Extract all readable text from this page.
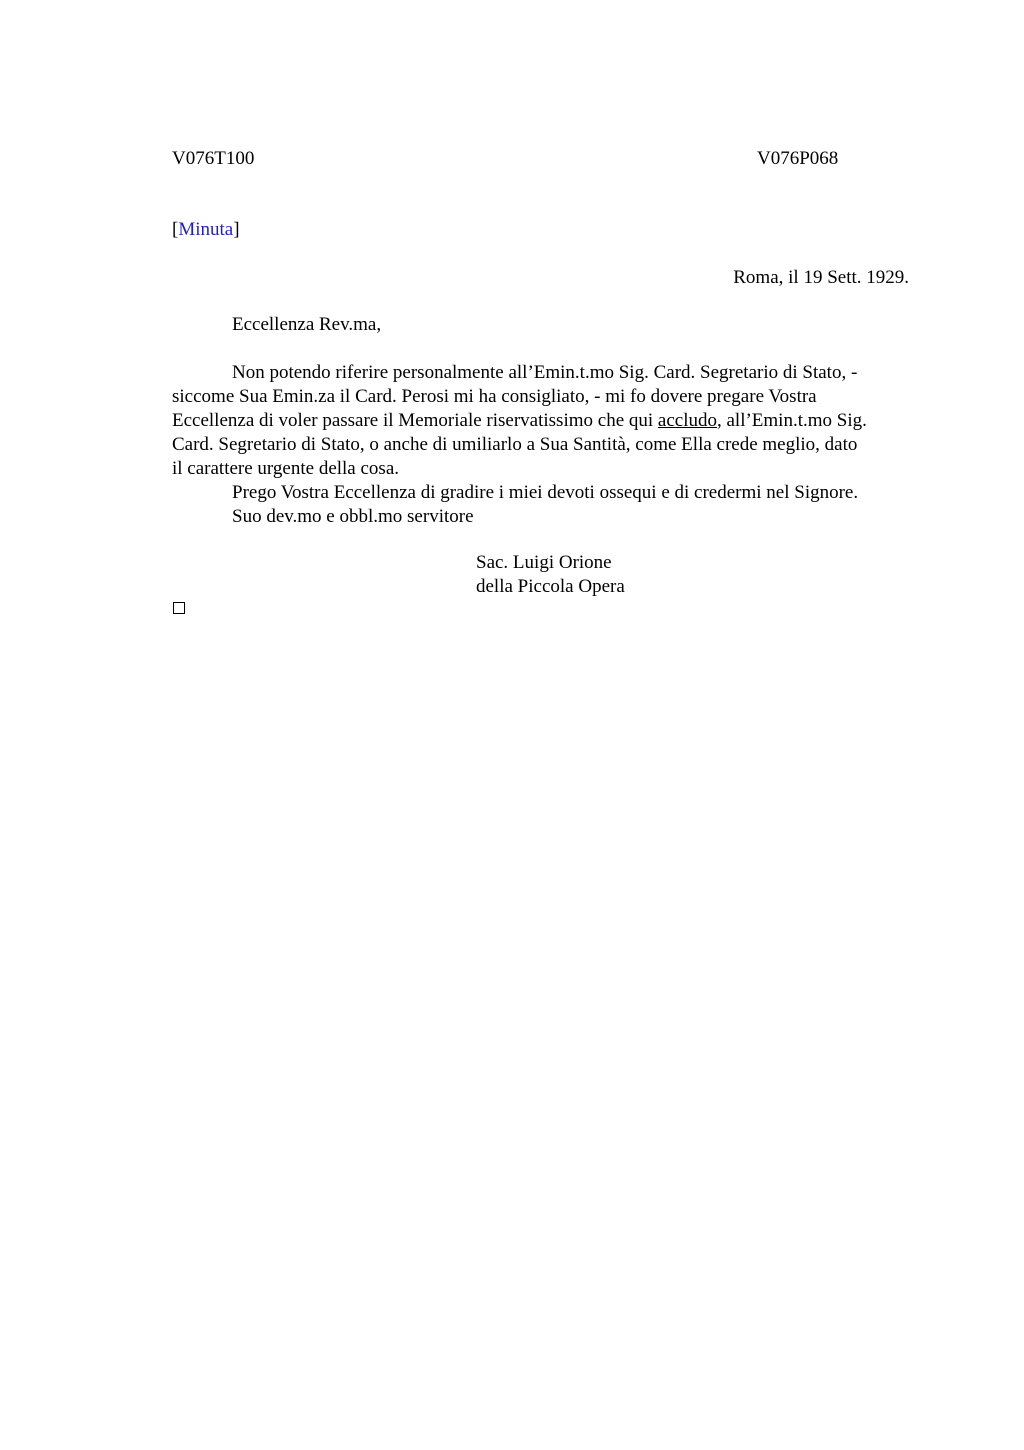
V076T100	V076P068
[Minuta]
Roma, il 19 Sett. 1929.
Eccellenza Rev.ma,
Non potendo riferire personalmente all’Emin.t.mo Sig. Card. Segretario di Stato, -
siccome Sua Emin.za il Card. Perosi mi ha consigliato, - mi fo dovere pregare Vostra
Eccellenza di voler passare il Memoriale riservatissimo che qui accludo, all’Emin.t.mo Sig.
Card. Segretario di Stato, o anche di umiliarlo a Sua Santità, come Ella crede meglio, dato
il carattere urgente della cosa.
Prego Vostra Eccellenza di gradire i miei devoti ossequi e di credermi nel Signore.
Suo dev.mo e obbl.mo servitore
Sac. Luigi Orione
della Piccola Opera
